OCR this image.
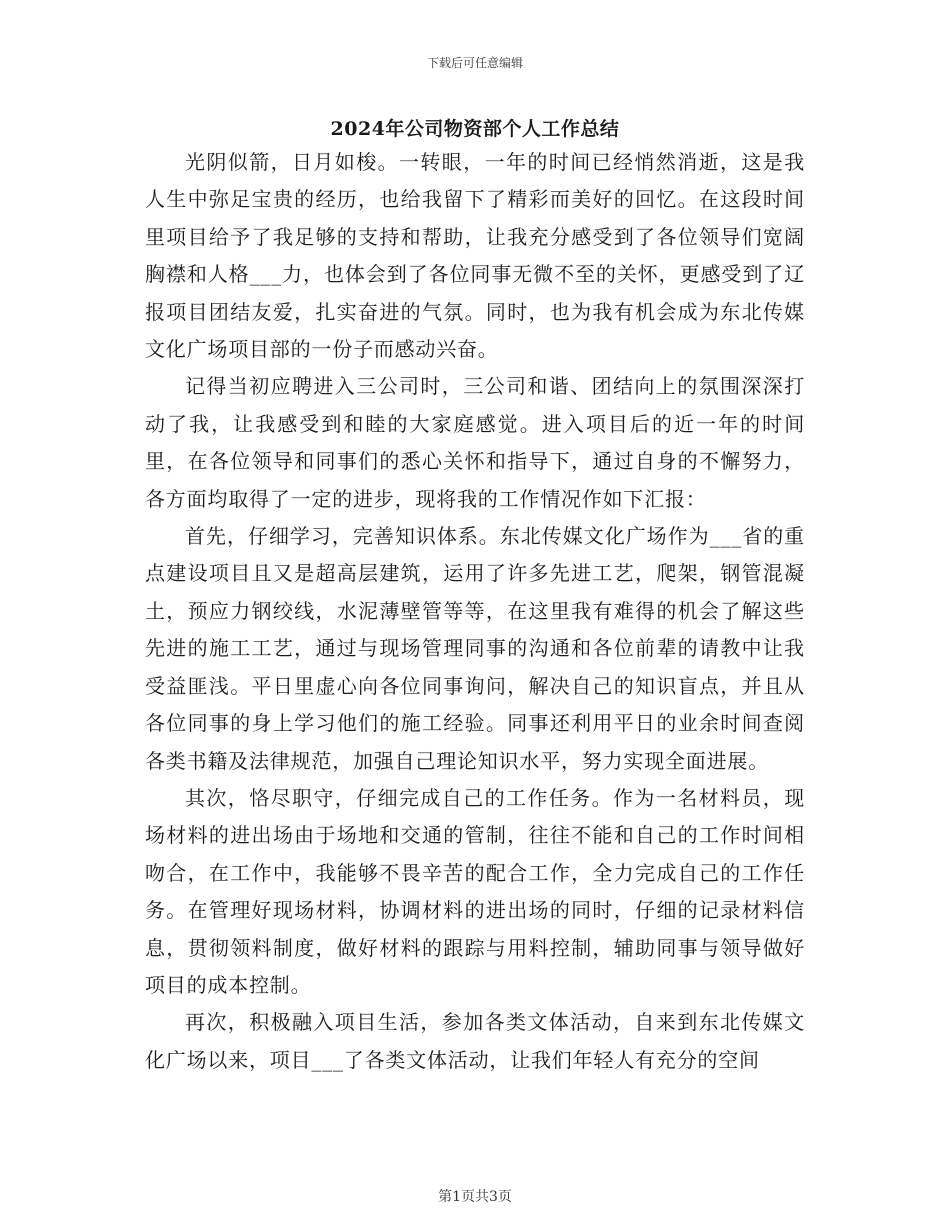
下载后可任意编辑
2024年公司物资部个人工作总结

光阴似箭，日月如梭。一转眼，一年的时间已经悄然消逝，这是我人生中弥足宝贵的经历，也给我留下了精彩而美好的回忆。在这段时间里项目给予了我足够的支持和帮助，让我充分感受到了各位领导们宽阔胸襟和人格___力，也体会到了各位同事无微不至的关怀，更感受到了辽报项目团结友爱，扎实奋进的气氛。同时，也为我有机会成为东北传媒文化广场项目部的一份子而感动兴奋。

记得当初应聘进入三公司时，三公司和谐、团结向上的氛围深深打动了我，让我感受到和睦的大家庭感觉。进入项目后的近一年的时间里，在各位领导和同事们的悉心关怀和指导下，通过自身的不懈努力，各方面均取得了一定的进步，现将我的工作情况作如下汇报：

首先，仔细学习，完善知识体系。东北传媒文化广场作为___省的重点建设项目且又是超高层建筑，运用了许多先进工艺，爬架，钢管混凝土，预应力钢绞线，水泥薄壁管等等，在这里我有难得的机会了解这些先进的施工工艺，通过与现场管理同事的沟通和各位前辈的请教中让我受益匪浅。平日里虚心向各位同事询问，解决自己的知识盲点，并且从各位同事的身上学习他们的施工经验。同事还利用平日的业余时间查阅各类书籍及法律规范，加强自己理论知识水平，努力实现全面进展。

其次，恪尽职守，仔细完成自己的工作任务。作为一名材料员，现场材料的进出场由于场地和交通的管制，往往不能和自己的工作时间相吻合，在工作中，我能够不畏辛苦的配合工作，全力完成自己的工作任务。在管理好现场材料，协调材料的进出场的同时，仔细的记录材料信息，贯彻领料制度，做好材料的跟踪与用料控制，辅助同事与领导做好项目的成本控制。

再次，积极融入项目生活，参加各类文体活动，自来到东北传媒文化广场以来，项目___了各类文体活动，让我们年轻人有充分的空间

第1页共3页
